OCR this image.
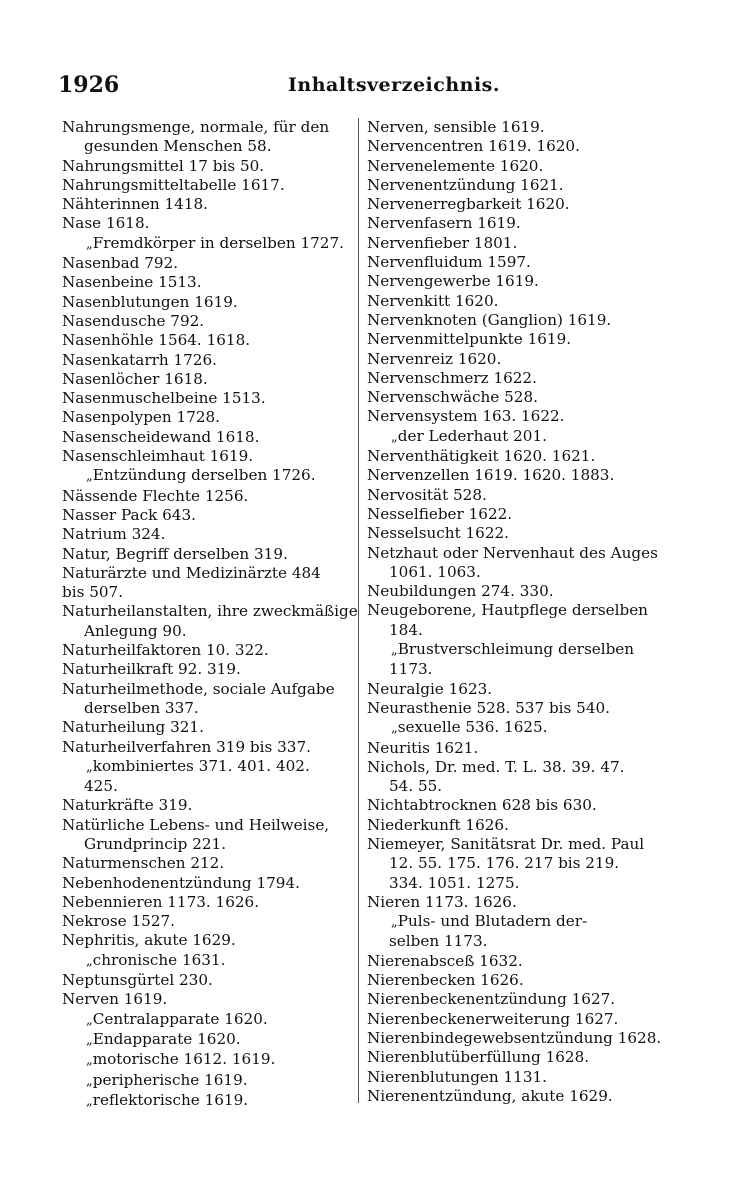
1926	Inhaltsverzeichnis.
Nahrungsmenge, normale, für den
gesunden Menschen 58.
Nahrungsmittel 17 bis 50.
Nahrungsmitteltabelle 1617.
Nähterinnen 1418.
Nase 1618.
„ Fremdkörper in derselben 1727.
Nasenbad 792.
Nasenbeine 1513.
Nasenblutungen 1619.
Nasendusche 792.
Nasenhöhle 1564. 1618.
Nasenkatarrh 1726.
Nasenlöcher 1618.
Nasenmuschelbeine 1513.
Nasenpolypen 1728.
Nasenscheidewand 1618.
Nasenschleimhaut 1619.
„ Entzündung derselben 1726.
Nässende Flechte 1256.
Nasser Pack 643.
Natrium 324.
Natur, Begriff derselben 319.
Naturärzte und Medizinärzte 484
bis 507.
Naturheilanstalten, ihre zweckmäßige
Anlegung 90.
Naturheilfaktoren 10. 322.
Naturheilkraft 92. 319.
Naturheilmethode, sociale Aufgabe
derselben 337.
Naturheilung 321.
Naturheilverfahren 319 bis 337.
„ kombiniertes 371. 401. 402.
425.
Naturkräfte 319.
Natürliche Lebens- und Heilweise,
Grundprincip 221.
Naturmenschen 212.
Nebenhodenentzündung 1794.
Nebennieren 1173. 1626.
Nekrose 1527.
Nephritis, akute 1629.
„ chronische 1631.
Neptunsgürtel 230.
Nerven 1619.
„ Centralapparate 1620.
„ Endapparate 1620.
„ motorische 1612. 1619.
„ peripherische 1619.
„ reflektorische 1619.
Nerven, sensible 1619.
Nervencentren 1619. 1620.
Nervenelemente 1620.
Nervenentzündung 1621.
Nervenerregbarkeit 1620.
Nervenfasern 1619.
Nervenfieber 1801.
Nervenfluidum 1597.
Nervengewerbe 1619.
Nervenkitt 1620.
Nervenknoten (Ganglion) 1619.
Nervenmittelpunkte 1619.
Nervenreiz 1620.
Nervenschmerz 1622.
Nervenschwäche 528.
Nervensystem 163. 1622.
„ der Lederhaut 201.
Nerventhätigkeit 1620. 1621.
Nervenzellen 1619. 1620. 1883.
Nervosität 528.
Nesselfieber 1622.
Nesselsucht 1622.
Netzhaut oder Nervenhaut des Auges
1061. 1063.
Neubildungen 274. 330.
Neugeborene, Hautpflege derselben
184.
„ Brustverschleimung derselben
1173.
Neuralgie 1623.
Neurasthenie 528. 537 bis 540.
„ sexuelle 536. 1625.
Neuritis 1621.
Nichols, Dr. med. T. L. 38. 39. 47.
54. 55.
Nichtabtrocknen 628 bis 630.
Niederkunft 1626.
Niemeyer, Sanitätsrat Dr. med. Paul
12. 55. 175. 176. 217 bis 219.
334. 1051. 1275.
Nieren 1173. 1626.
„ Puls- und Blutadern der-
selben 1173.
Nierenabsceß 1632.
Nierenbecken 1626.
Nierenbeckenentzündung 1627.
Nierenbeckenerweiterung 1627.
Nierenbindegewebsentzündung 1628.
Nierenblutüberfüllung 1628.
Nierenblutungen 1131.
Nierenentzündung, akute 1629.
